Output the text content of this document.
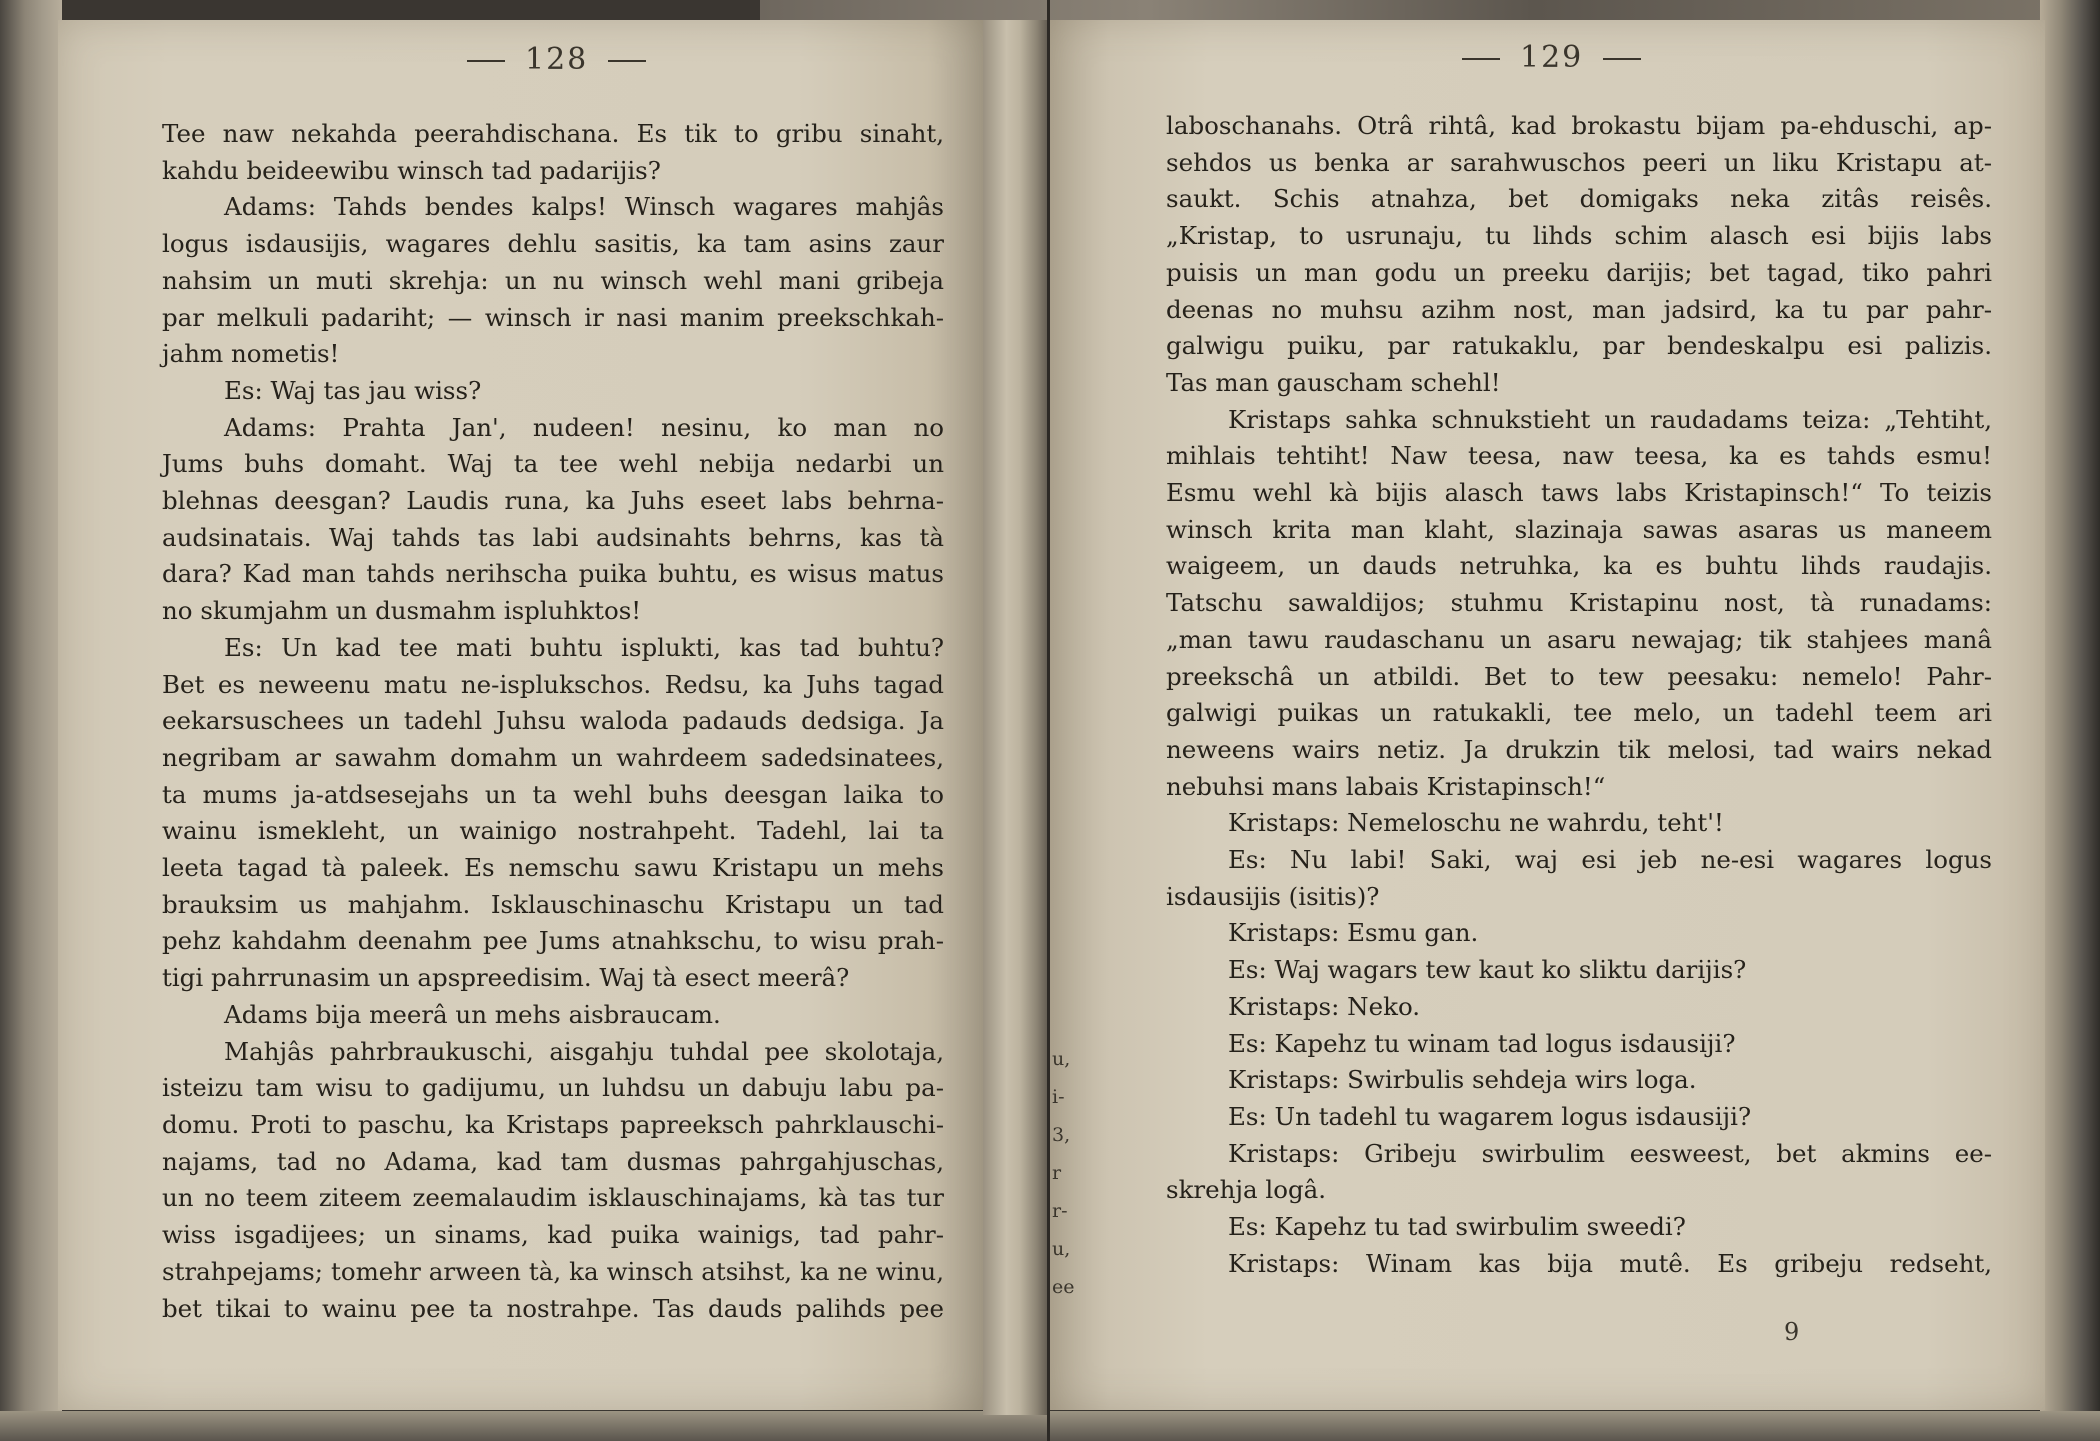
128
Tee naw nekahda peerahdischana. Es tik to gribu sinaht,
kahdu beideewibu winsch tad padarijis?
Adams: Tahds bendes kalps! Winsch wagares mahjâs
logus isdausijis, wagares dehlu sasitis, ka tam asins zaur
nahsim un muti skrehja: un nu winsch wehl mani gribeja
par melkuli padariht; — winsch ir nasi manim preekschkah-
jahm nometis!
Es: Waj tas jau wiss?
Adams: Prahta Jan', nudeen! nesinu, ko man no
Jums buhs domaht. Waj ta tee wehl nebija nedarbi un
blehnas deesgan? Laudis runa, ka Juhs eseet labs behrna-
audsinatais. Waj tahds tas labi audsinahts behrns, kas tà
dara? Kad man tahds nerihscha puika buhtu, es wisus matus
no skumjahm un dusmahm ispluhktos!
Es: Un kad tee mati buhtu isplukti, kas tad buhtu?
Bet es neweenu matu ne-isplukschos. Redsu, ka Juhs tagad
eekarsuschees un tadehl Juhsu waloda padauds dedsiga. Ja
negribam ar sawahm domahm un wahrdeem sadedsinatees,
ta mums ja-atdsesejahs un ta wehl buhs deesgan laika to
wainu ismekleht, un wainigo nostrahpeht. Tadehl, lai ta
leeta tagad tà paleek. Es nemschu sawu Kristapu un mehs
brauksim us mahjahm. Isklauschinaschu Kristapu un tad
pehz kahdahm deenahm pee Jums atnahkschu, to wisu prah-
tigi pahrrunasim un apspreedisim. Waj tà esect meerâ?
Adams bija meerâ un mehs aisbraucam.
Mahjâs pahrbraukuschi, aisgahju tuhdal pee skolotaja,
isteizu tam wisu to gadijumu, un luhdsu un dabuju labu pa-
domu. Proti to paschu, ka Kristaps papreeksch pahrklauschi-
najams, tad no Adama, kad tam dusmas pahrgahjuschas,
un no teem ziteem zeemalaudim isklauschinajams, kà tas tur
wiss isgadijees; un sinams, kad puika wainigs, tad pahr-
strahpejams; tomehr arween tà, ka winsch atsihst, ka ne winu,
bet tikai to wainu pee ta nostrahpe. Tas dauds palihds pee
129
laboschanahs. Otrâ rihtâ, kad brokastu bijam pa-ehduschi, ap-
sehdos us benka ar sarahwuschos peeri un liku Kristapu at-
saukt. Schis atnahza, bet domigaks neka zitâs reisês.
„Kristap, to usrunaju, tu lihds schim alasch esi bijis labs
puisis un man godu un preeku darijis; bet tagad, tiko pahri
deenas no muhsu azihm nost, man jadsird, ka tu par pahr-
galwigu puiku, par ratukaklu, par bendeskalpu esi palizis.
Tas man gauscham schehl!
Kristaps sahka schnukstieht un raudadams teiza: „Tehtiht,
mihlais tehtiht! Naw teesa, naw teesa, ka es tahds esmu!
Esmu wehl kà bijis alasch taws labs Kristapinsch!“ To teizis
winsch krita man klaht, slazinaja sawas asaras us maneem
waigeem, un dauds netruhka, ka es buhtu lihds raudajis.
Tatschu sawaldijos; stuhmu Kristapinu nost, tà runadams:
„man tawu raudaschanu un asaru newajag; tik stahjees manâ
preekschâ un atbildi. Bet to tew peesaku: nemelo! Pahr-
galwigi puikas un ratukakli, tee melo, un tadehl teem ari
neweens wairs netiz. Ja drukzin tik melosi, tad wairs nekad
nebuhsi mans labais Kristapinsch!“
Kristaps: Nemeloschu ne wahrdu, teht'!
Es: Nu labi! Saki, waj esi jeb ne-esi wagares logus
isdausijis (isitis)?
Kristaps: Esmu gan.
Es: Waj wagars tew kaut ko sliktu darijis?
Kristaps: Neko.
Es: Kapehz tu winam tad logus isdausiji?
Kristaps: Swirbulis sehdeja wirs loga.
Es: Un tadehl tu wagarem logus isdausiji?
Kristaps: Gribeju swirbulim eesweest, bet akmins ee-
skrehja logâ.
Es: Kapehz tu tad swirbulim sweedi?
Kristaps: Winam kas bija mutê. Es gribeju redseht,
9
u,
i-
3,
r
r-
u,
ee
